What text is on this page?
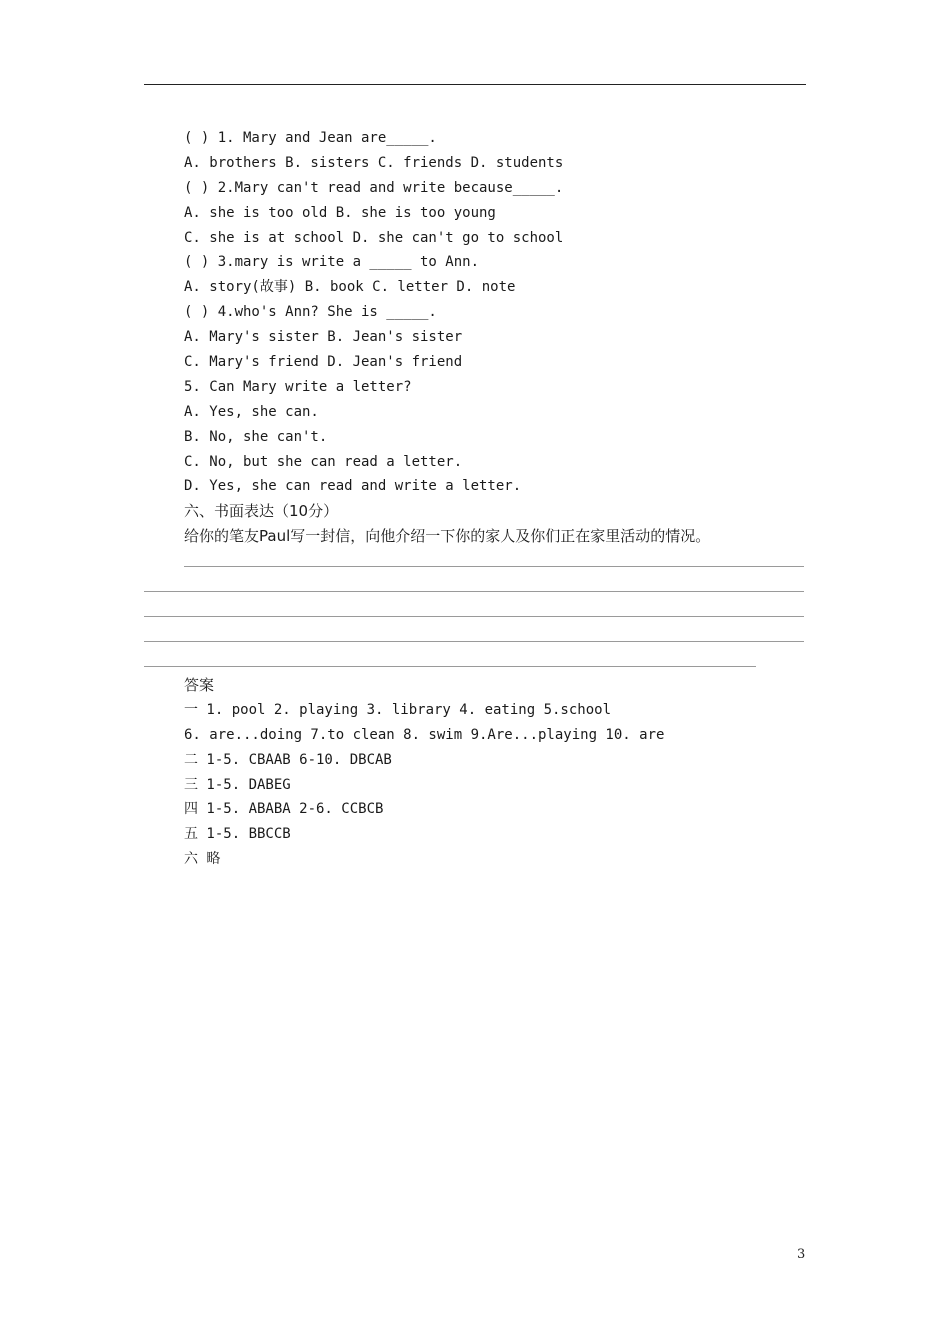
( ) 1. Mary and Jean are_____.
A. brothers B. sisters C. friends D. students
( ) 2.Mary can't read and write because_____.
A. she is too old B. she is too young
C. she is at school D. she can't go to school
( ) 3.mary is write a _____ to Ann.
A. story(故事) B. book C. letter D. note
( ) 4.who's Ann? She is _____.
A. Mary's sister B. Jean's sister
C. Mary's friend D. Jean's friend
5. Can Mary write a letter?
A. Yes, she can.
B. No, she can't.
C. No, but she can read a letter.
D. Yes, she can read and write a letter.
六、书面表达（10分）
给你的笔友Paul写一封信，向他介绍一下你的家人及你们正在家里活动的情况。
答案
一 1. pool 2. playing 3. library 4. eating 5.school
6. are...doing 7.to clean 8. swim 9.Are...playing 10. are
二 1-5. CBAAB 6-10. DBCAB
三 1-5. DABEG
四 1-5. ABABA 2-6. CCBCB
五 1-5. BBCCB
六 略
3
